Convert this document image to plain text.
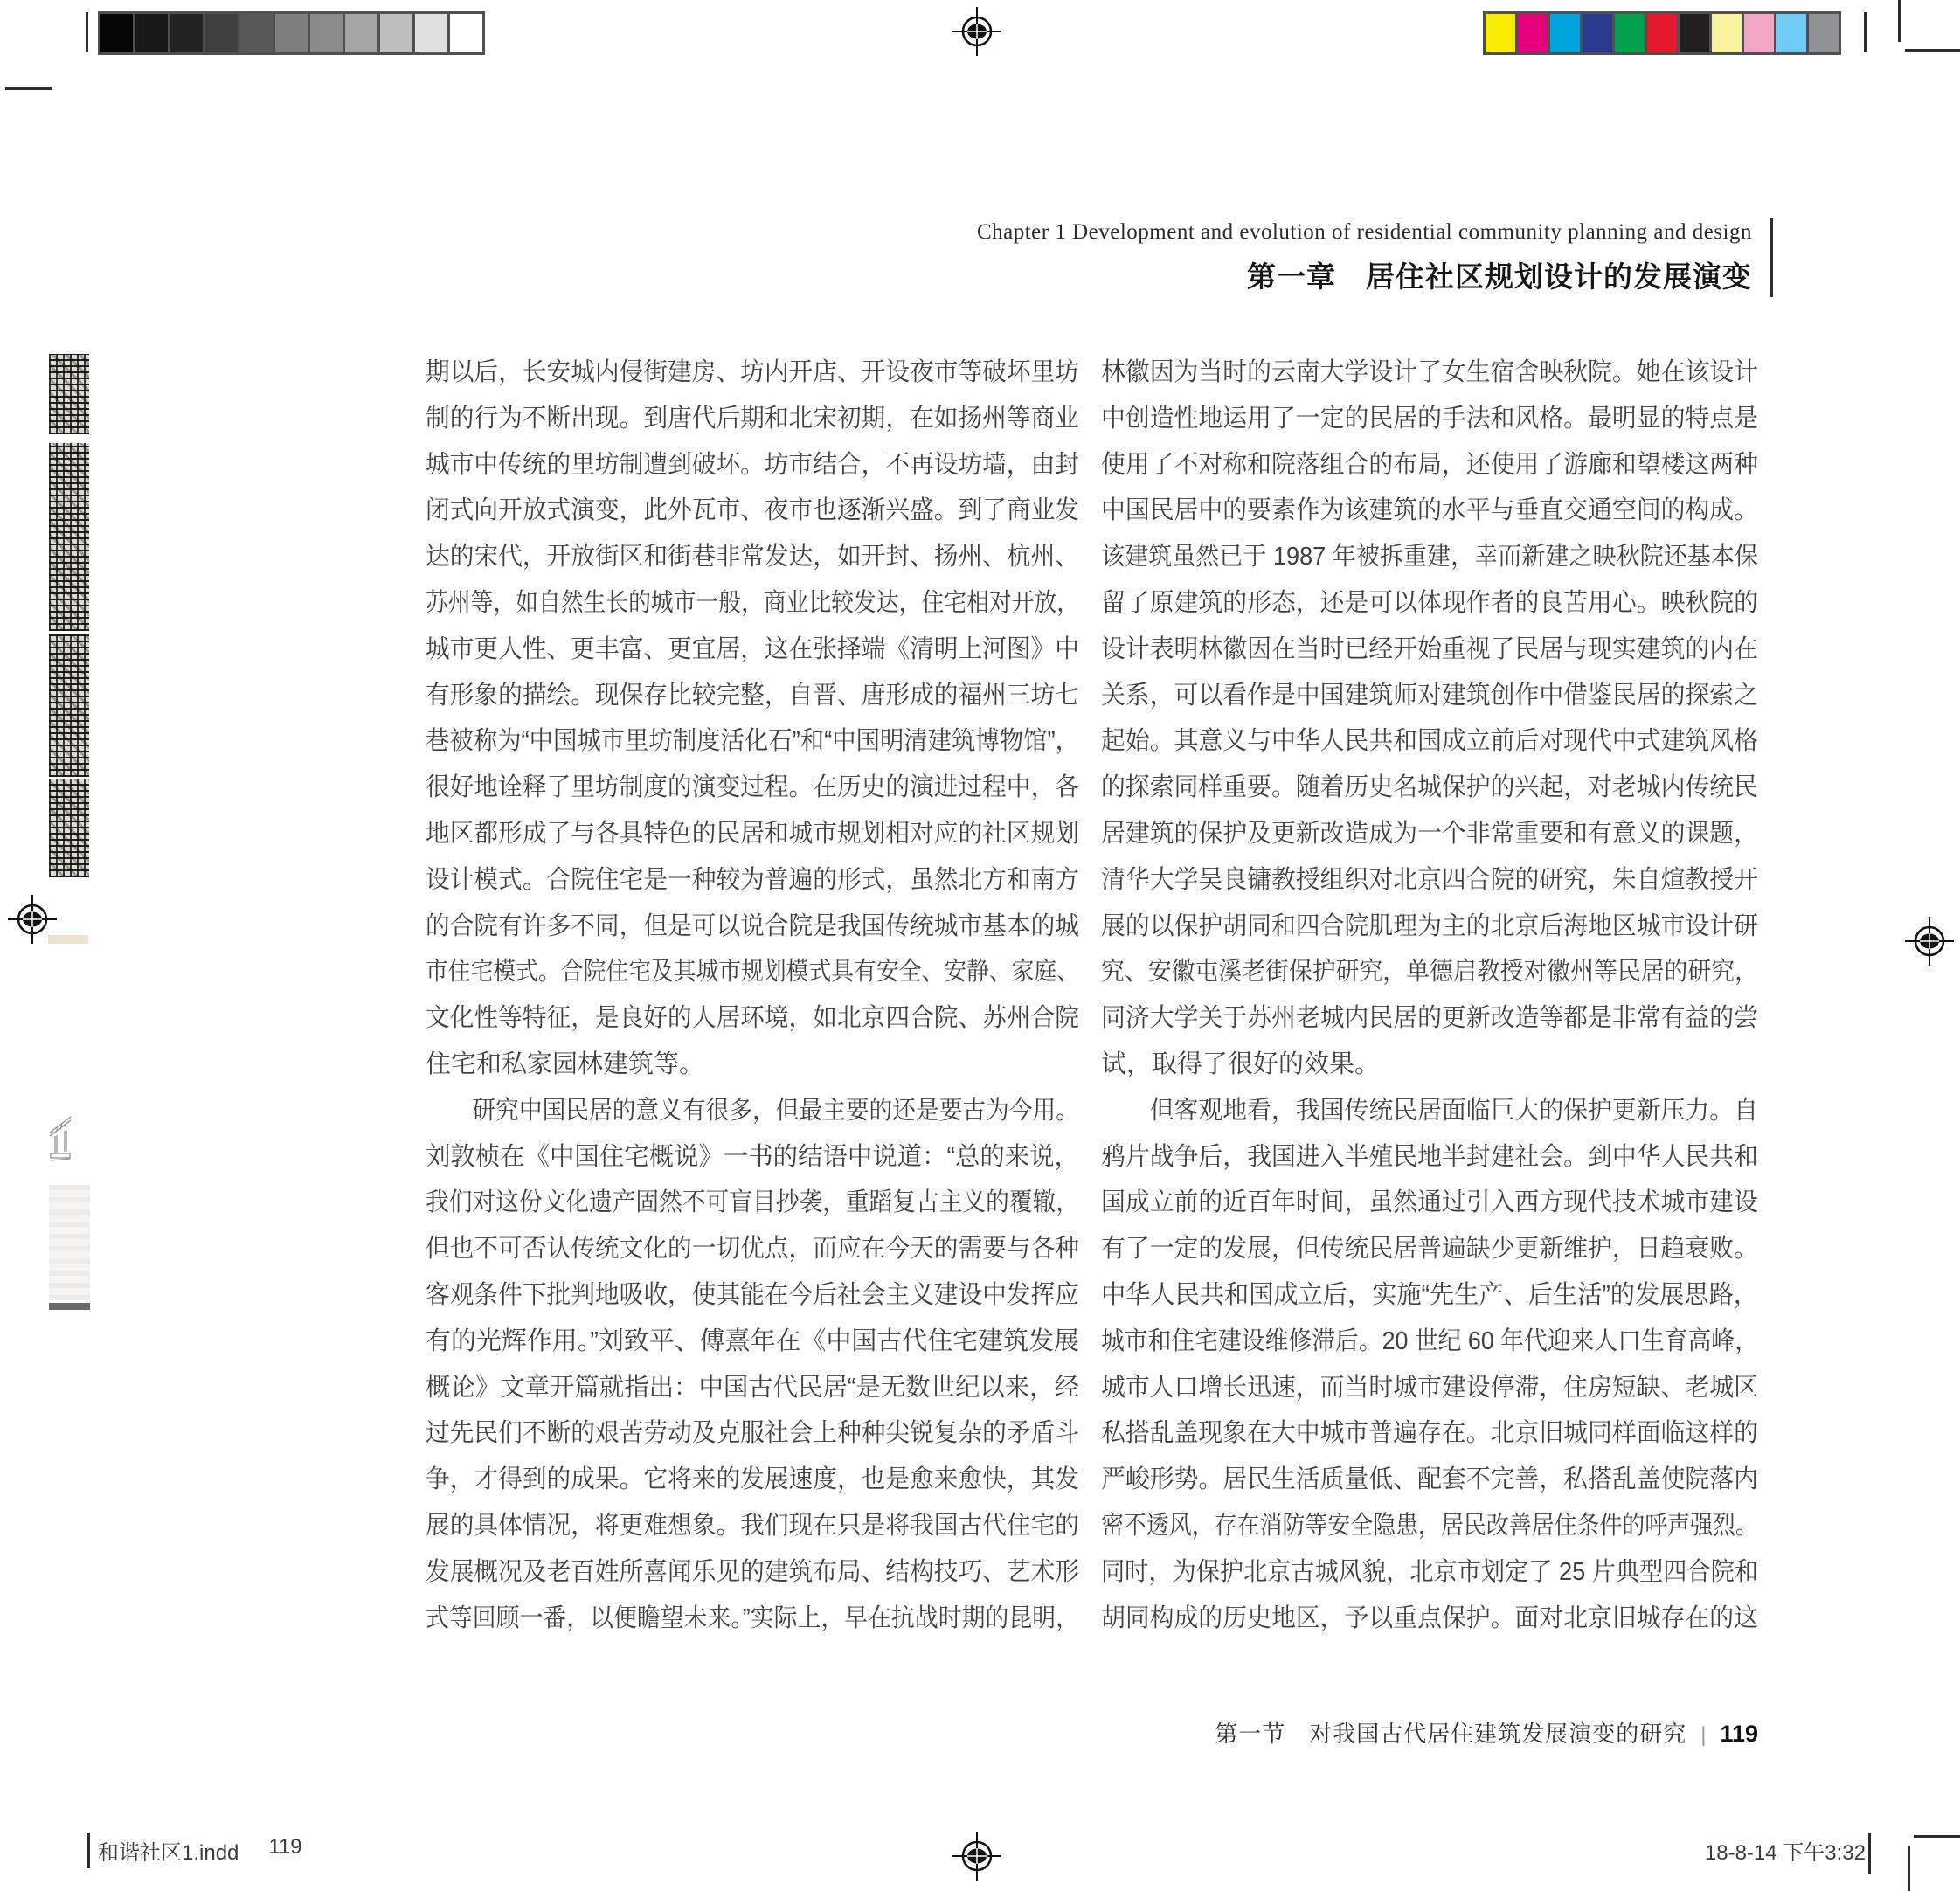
Chapter 1 Development and evolution of residential community planning and design
第一章　居住社区规划设计的发展演变
期以后，长安城内侵街建房、坊内开店、开设夜市等破坏里坊
制的行为不断出现。到唐代后期和北宋初期，在如扬州等商业
城市中传统的里坊制遭到破坏。坊市结合，不再设坊墙，由封
闭式向开放式演变，此外瓦市、夜市也逐渐兴盛。到了商业发
达的宋代，开放街区和街巷非常发达，如开封、扬州、杭州、
苏州等，如自然生长的城市一般，商业比较发达，住宅相对开放，
城市更人性、更丰富、更宜居，这在张择端《清明上河图》中
有形象的描绘。现保存比较完整，自晋、唐形成的福州三坊七
巷被称为“中国城市里坊制度活化石”和“中国明清建筑博物馆”，
很好地诠释了里坊制度的演变过程。在历史的演进过程中，各
地区都形成了与各具特色的民居和城市规划相对应的社区规划
设计模式。合院住宅是一种较为普遍的形式，虽然北方和南方
的合院有许多不同，但是可以说合院是我国传统城市基本的城
市住宅模式。合院住宅及其城市规划模式具有安全、安静、家庭、
文化性等特征，是良好的人居环境，如北京四合院、苏州合院
住宅和私家园林建筑等。
　　研究中国民居的意义有很多，但最主要的还是要古为今用。
刘敦桢在《中国住宅概说》一书的结语中说道：“总的来说，
我们对这份文化遗产固然不可盲目抄袭，重蹈复古主义的覆辙，
但也不可否认传统文化的一切优点，而应在今天的需要与各种
客观条件下批判地吸收，使其能在今后社会主义建设中发挥应
有的光辉作用。”刘致平、傅熹年在《中国古代住宅建筑发展
概论》文章开篇就指出：中国古代民居“是无数世纪以来，经
过先民们不断的艰苦劳动及克服社会上种种尖锐复杂的矛盾斗
争，才得到的成果。它将来的发展速度，也是愈来愈快，其发
展的具体情况，将更难想象。我们现在只是将我国古代住宅的
发展概况及老百姓所喜闻乐见的建筑布局、结构技巧、艺术形
式等回顾一番，以便瞻望未来。”实际上，早在抗战时期的昆明，
林徽因为当时的云南大学设计了女生宿舍映秋院。她在该设计
中创造性地运用了一定的民居的手法和风格。最明显的特点是
使用了不对称和院落组合的布局，还使用了游廊和望楼这两种
中国民居中的要素作为该建筑的水平与垂直交通空间的构成。
该建筑虽然已于 1987 年被拆重建，幸而新建之映秋院还基本保
留了原建筑的形态，还是可以体现作者的良苦用心。映秋院的
设计表明林徽因在当时已经开始重视了民居与现实建筑的内在
关系，可以看作是中国建筑师对建筑创作中借鉴民居的探索之
起始。其意义与中华人民共和国成立前后对现代中式建筑风格
的探索同样重要。随着历史名城保护的兴起，对老城内传统民
居建筑的保护及更新改造成为一个非常重要和有意义的课题，
清华大学吴良镛教授组织对北京四合院的研究，朱自煊教授开
展的以保护胡同和四合院肌理为主的北京后海地区城市设计研
究、安徽屯溪老街保护研究，单德启教授对徽州等民居的研究，
同济大学关于苏州老城内民居的更新改造等都是非常有益的尝
试，取得了很好的效果。
　　但客观地看，我国传统民居面临巨大的保护更新压力。自
鸦片战争后，我国进入半殖民地半封建社会。到中华人民共和
国成立前的近百年时间，虽然通过引入西方现代技术城市建设
有了一定的发展，但传统民居普遍缺少更新维护，日趋衰败。
中华人民共和国成立后，实施“先生产、后生活”的发展思路，
城市和住宅建设维修滞后。20 世纪 60 年代迎来人口生育高峰，
城市人口增长迅速，而当时城市建设停滞，住房短缺、老城区
私搭乱盖现象在大中城市普遍存在。北京旧城同样面临这样的
严峻形势。居民生活质量低、配套不完善，私搭乱盖使院落内
密不透风，存在消防等安全隐患，居民改善居住条件的呼声强烈。
同时，为保护北京古城风貌，北京市划定了 25 片典型四合院和
胡同构成的历史地区，予以重点保护。面对北京旧城存在的这
第一节　对我国古代居住建筑发展演变的研究 | 119
和谐社区1.indd 119	18-8-14 下午3:32
